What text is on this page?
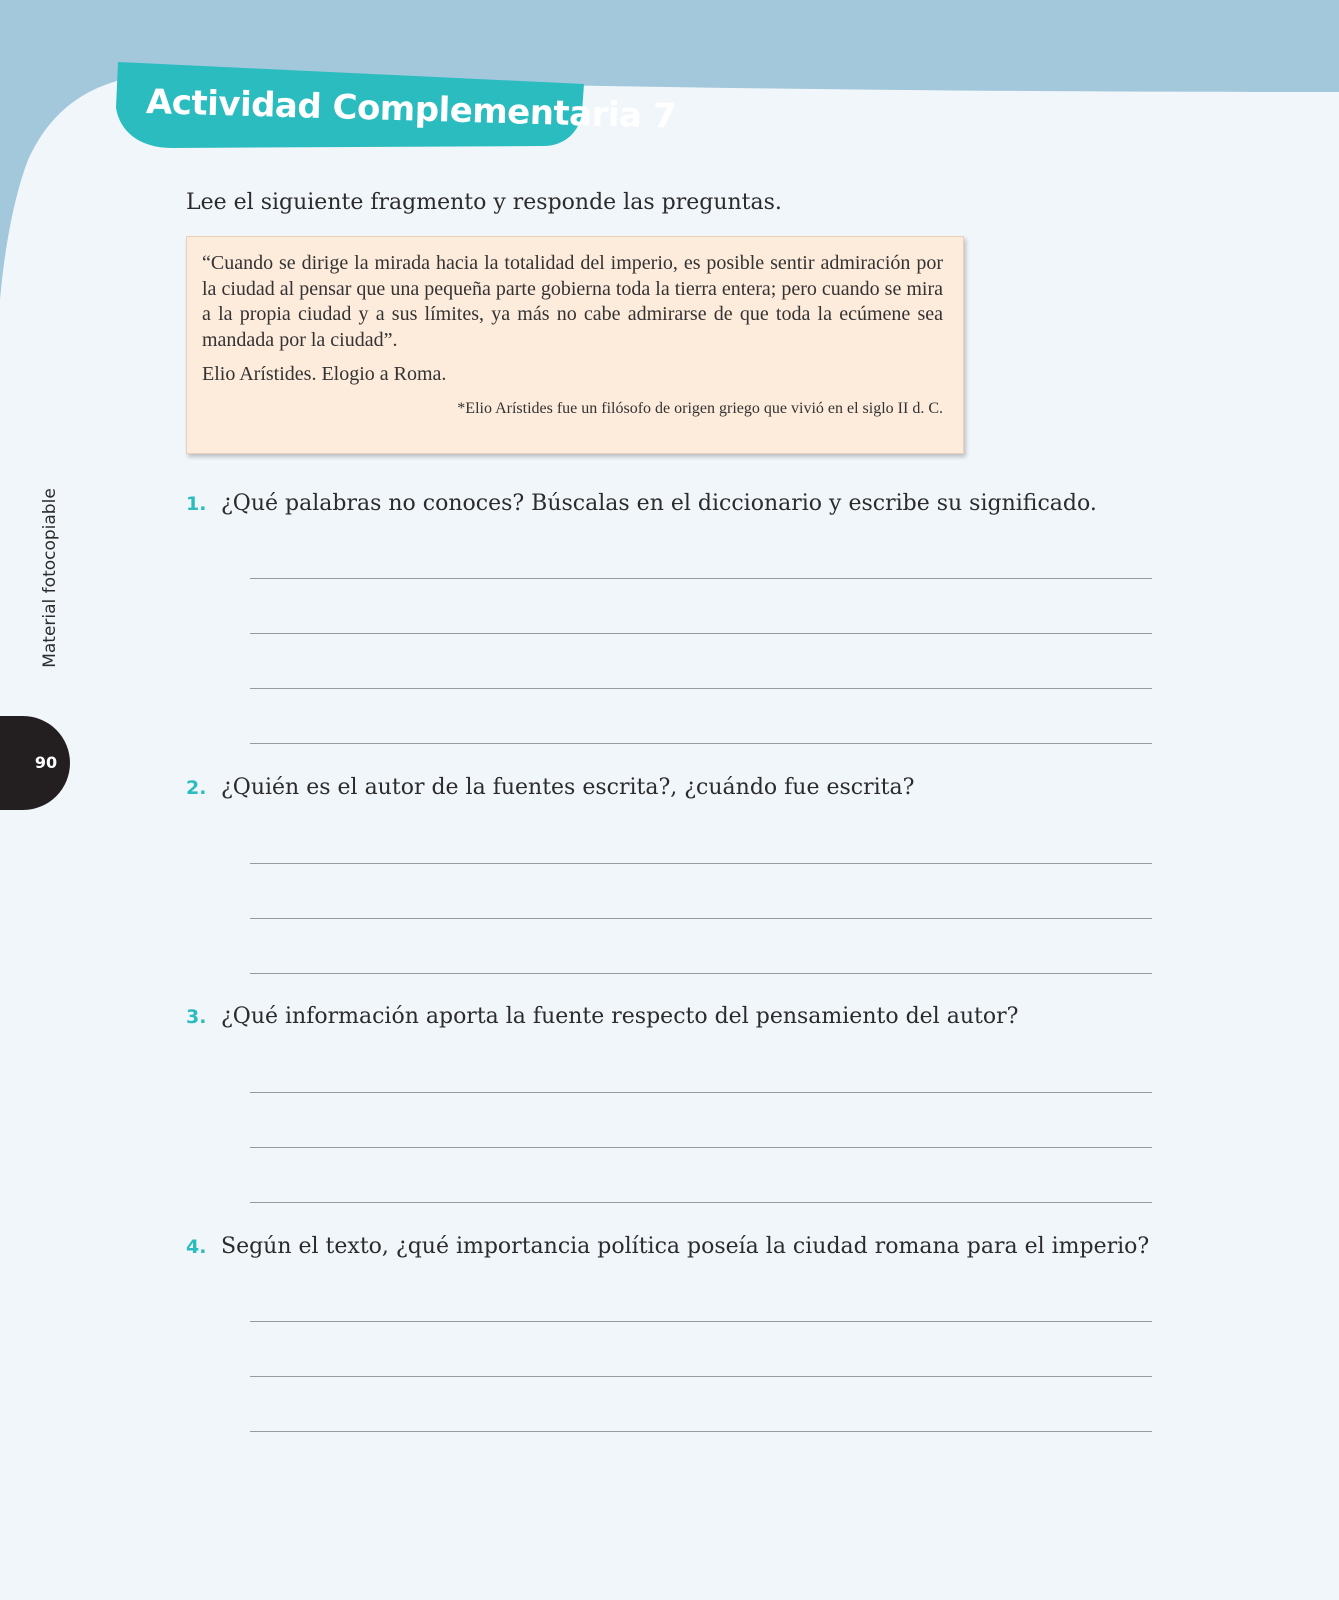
Actividad Complementaria 7
Lee el siguiente fragmento y responde las preguntas.

“Cuando se dirige la mirada hacia la totalidad del imperio, es posible sentir admiración por la ciudad al pensar que una pequeña parte gobierna toda la tierra entera; pero cuando se mira a la propia ciudad y a sus límites, ya más no cabe admirarse de que toda la ecúmene sea mandada por la ciudad”.

Elio Arístides. Elogio a Roma.

*Elio Arístides fue un filósofo de origen griego que vivió en el siglo II d. C.

Material fotocopiable
90
1. ¿Qué palabras no conoces? Búscalas en el diccionario y escribe su significado.
2. ¿Quién es el autor de la fuentes escrita?, ¿cuándo fue escrita?
3. ¿Qué información aporta la fuente respecto del pensamiento del autor?
4. Según el texto, ¿qué importancia política poseía la ciudad romana para el imperio?
